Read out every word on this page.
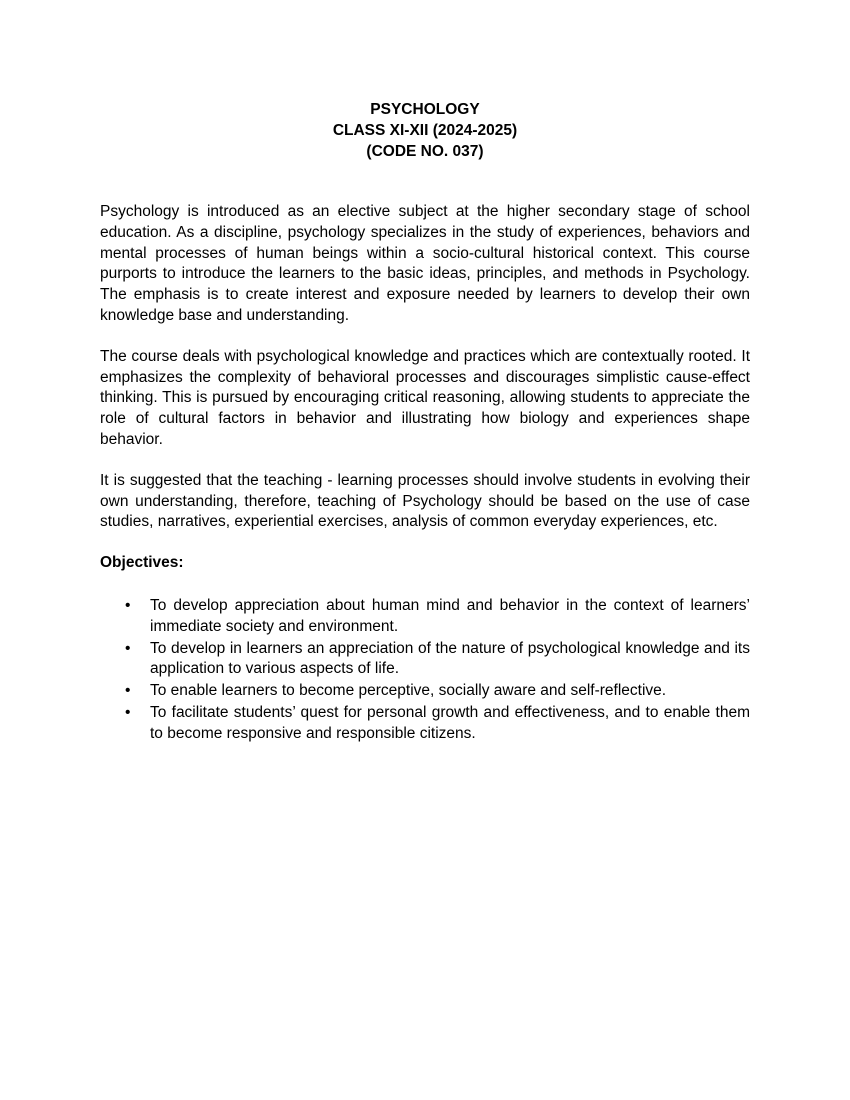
PSYCHOLOGY
CLASS XI-XII (2024-2025)
(CODE NO. 037)

Psychology is introduced as an elective subject at the higher secondary stage of school education. As a discipline, psychology specializes in the study of experiences, behaviors and mental processes of human beings within a socio-cultural historical context. This course purports to introduce the learners to the basic ideas, principles, and methods in Psychology. The emphasis is to create interest and exposure needed by learners to develop their own knowledge base and understanding.

The course deals with psychological knowledge and practices which are contextually rooted. It emphasizes the complexity of behavioral processes and discourages simplistic cause-effect thinking. This is pursued by encouraging critical reasoning, allowing students to appreciate the role of cultural factors in behavior and illustrating how biology and experiences shape behavior.

It is suggested that the teaching - learning processes should involve students in evolving their own understanding, therefore, teaching of Psychology should be based on the use of case studies, narratives, experiential exercises, analysis of common everyday experiences, etc.

Objectives:

•	To develop appreciation about human mind and behavior in the context of learners’ immediate society and environment.
•	To develop in learners an appreciation of the nature of psychological knowledge and its application to various aspects of life.
•	To enable learners to become perceptive, socially aware and self-reflective.
•	To facilitate students’ quest for personal growth and effectiveness, and to enable them to become responsive and responsible citizens.
